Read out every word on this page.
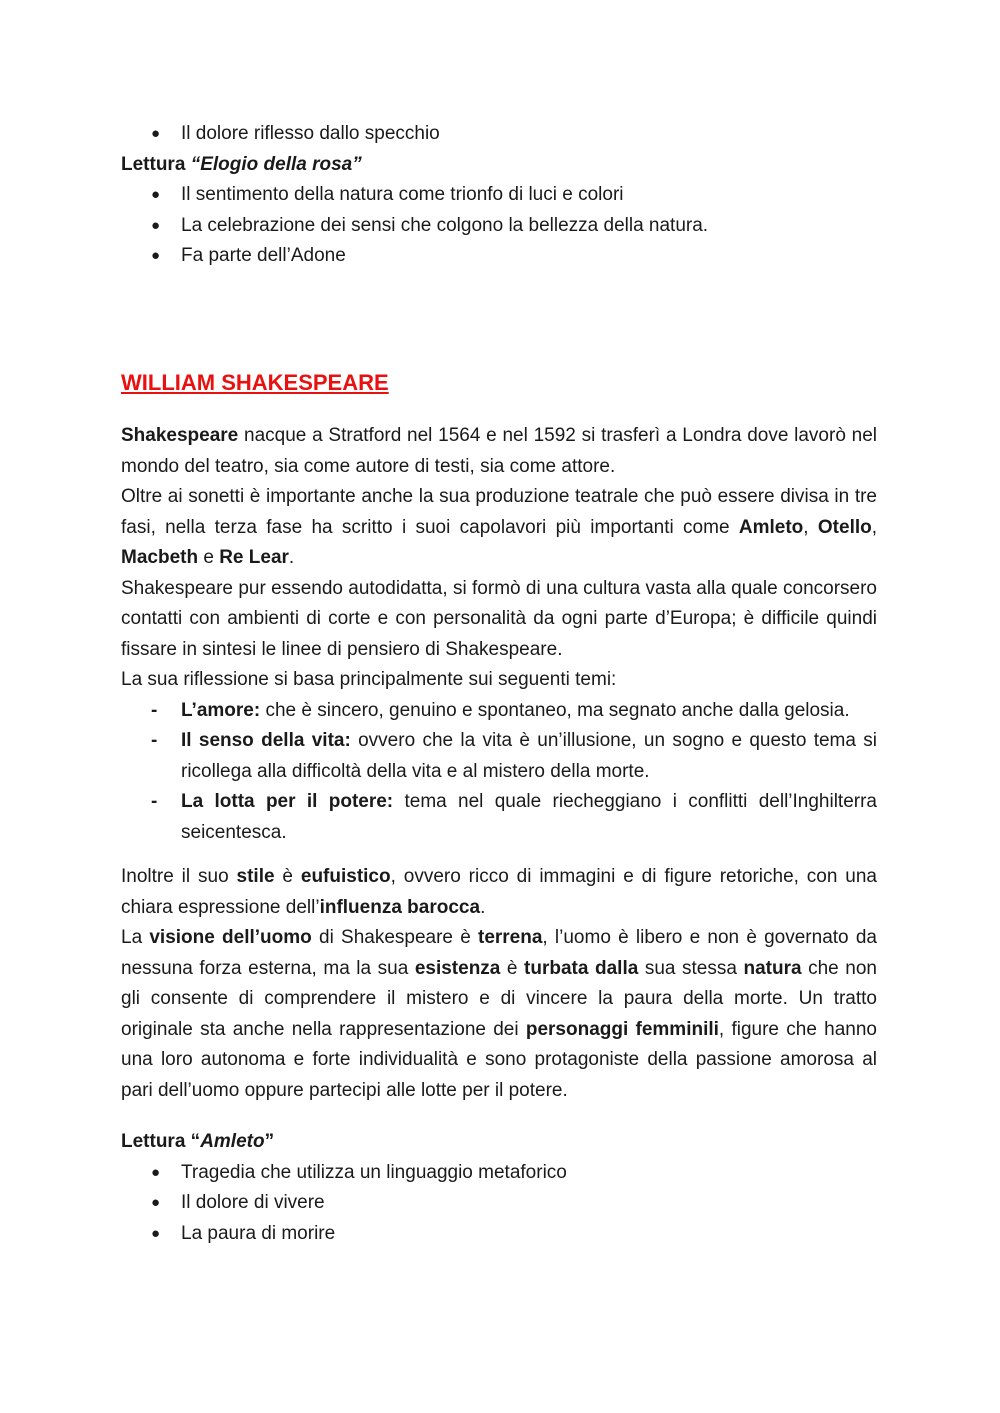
● Il dolore riflesso dallo specchio
Lettura “Elogio della rosa”
● Il sentimento della natura come trionfo di luci e colori
● La celebrazione dei sensi che colgono la bellezza della natura.
● Fa parte dell’Adone
WILLIAM SHAKESPEARE

Shakespeare nacque a Stratford nel 1564 e nel 1592 si trasferì a Londra dove lavorò nel mondo del teatro, sia come autore di testi, sia come attore.

Oltre ai sonetti è importante anche la sua produzione teatrale che può essere divisa in tre fasi, nella terza fase ha scritto i suoi capolavori più importanti come Amleto, Otello, Macbeth e Re Lear.

Shakespeare pur essendo autodidatta, si formò di una cultura vasta alla quale concorsero contatti con ambienti di corte e con personalità da ogni parte d’Europa; è difficile quindi fissare in sintesi le linee di pensiero di Shakespeare.

La sua riflessione si basa principalmente sui seguenti temi:

- L’amore: che è sincero, genuino e spontaneo, ma segnato anche dalla gelosia.
- Il senso della vita: ovvero che la vita è un’illusione, un sogno e questo tema si ricollega alla difficoltà della vita e al mistero della morte.
- La lotta per il potere: tema nel quale riecheggiano i conflitti dell’Inghilterra seicentesca.

Inoltre il suo stile è eufuistico, ovvero ricco di immagini e di figure retoriche, con una chiara espressione dell’influenza barocca.

La visione dell’uomo di Shakespeare è terrena, l’uomo è libero e non è governato da nessuna forza esterna, ma la sua esistenza è turbata dalla sua stessa natura che non gli consente di comprendere il mistero e di vincere la paura della morte. Un tratto originale sta anche nella rappresentazione dei personaggi femminili, figure che hanno una loro autonoma e forte individualità e sono protagoniste della passione amorosa al pari dell’uomo oppure partecipi alle lotte per il potere.

Lettura “Amleto”
● Tragedia che utilizza un linguaggio metaforico
● Il dolore di vivere
● La paura di morire
